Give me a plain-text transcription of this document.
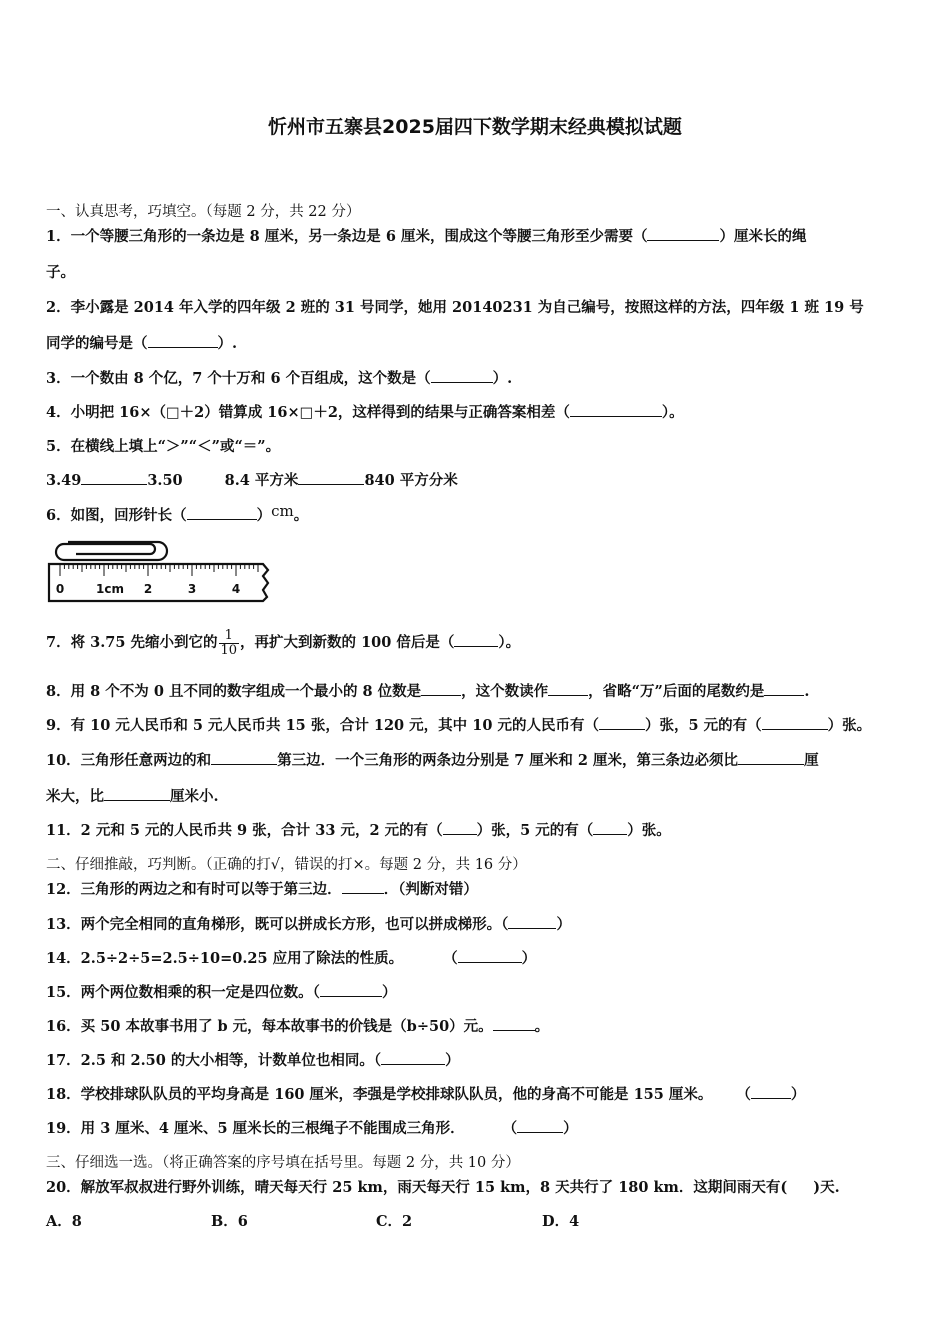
忻州市五寨县2025届四下数学期末经典模拟试题
一、认真思考，巧填空。（每题 2 分，共 22 分）
1．一个等腰三角形的一条边是 8 厘米，另一条边是 6 厘米，围成这个等腰三角形至少需要（	）厘米长的绳
子。
2．李小露是 2014 年入学的四年级 2 班的 31 号同学，她用 20140231 为自己编号，按照这样的方法，四年级 1 班 19 号
同学的编号是（	）.
3．一个数由 8 个亿，7 个十万和 6 个百组成，这个数是（	）.
4．小明把 16×（□＋2）错算成 16×□＋2，这样得到的结果与正确答案相差（	）。
5．在横线上填上“＞”“＜”或“＝”。
3.49	3.50	8.4 平方米	840 平方分米
6．如图，回形针长（	）cm。
0	1cm 2	3	4
7．将 3.75 先缩小到它的 $\frac{1}{10}$ ，再扩大到新数的 100 倍后是（	）。
8．用 8 个不为 0 且不同的数字组成一个最小的 8 位数是	，这个数读作	，省略“万”后面的尾数约是	.
9．有 10 元人民币和 5 元人民币共 15 张，合计 120 元，其中 10 元的人民币有（	）张，5 元的有（	）张。
10．三角形任意两边的和	第三边．一个三角形的两条边分别是 7 厘米和 2 厘米，第三条边必须比	厘
米大，比	厘米小.
11．2 元和 5 元的人民币共 9 张，合计 33 元，2 元的有（ ）张，5 元的有（ ）张。
二、仔细推敲，巧判断。（正确的打√，错误的打×。每题 2 分，共 16 分）
12．三角形的两边之和有时可以等于第三边．	．（判断对错）
13．两个完全相同的直角梯形，既可以拼成长方形，也可以拼成梯形。（	）
14．2.5÷2÷5=2.5÷10=0.25 应用了除法的性质。	（	）
15．两个两位数相乘的积一定是四位数。（	）
16．买 50 本故事书用了 b 元，每本故事书的价钱是（b÷50）元。	。
17．2.5 和 2.50 的大小相等，计数单位也相同。（	）
18．学校排球队队员的平均身高是 160 厘米，李强是学校排球队队员，他的身高不可能是 155 厘米。 （	）
19．用 3 厘米、4 厘米、5 厘米长的三根绳子不能围成三角形．	（	）
三、仔细选一选。（将正确答案的序号填在括号里。每题 2 分，共 10 分）
20．解放军叔叔进行野外训练，晴天每天行 25 km，雨天每天行 15 km，8 天共行了 180 km．这期间雨天有( )天.
A．8	B．6	C．2	D．4
